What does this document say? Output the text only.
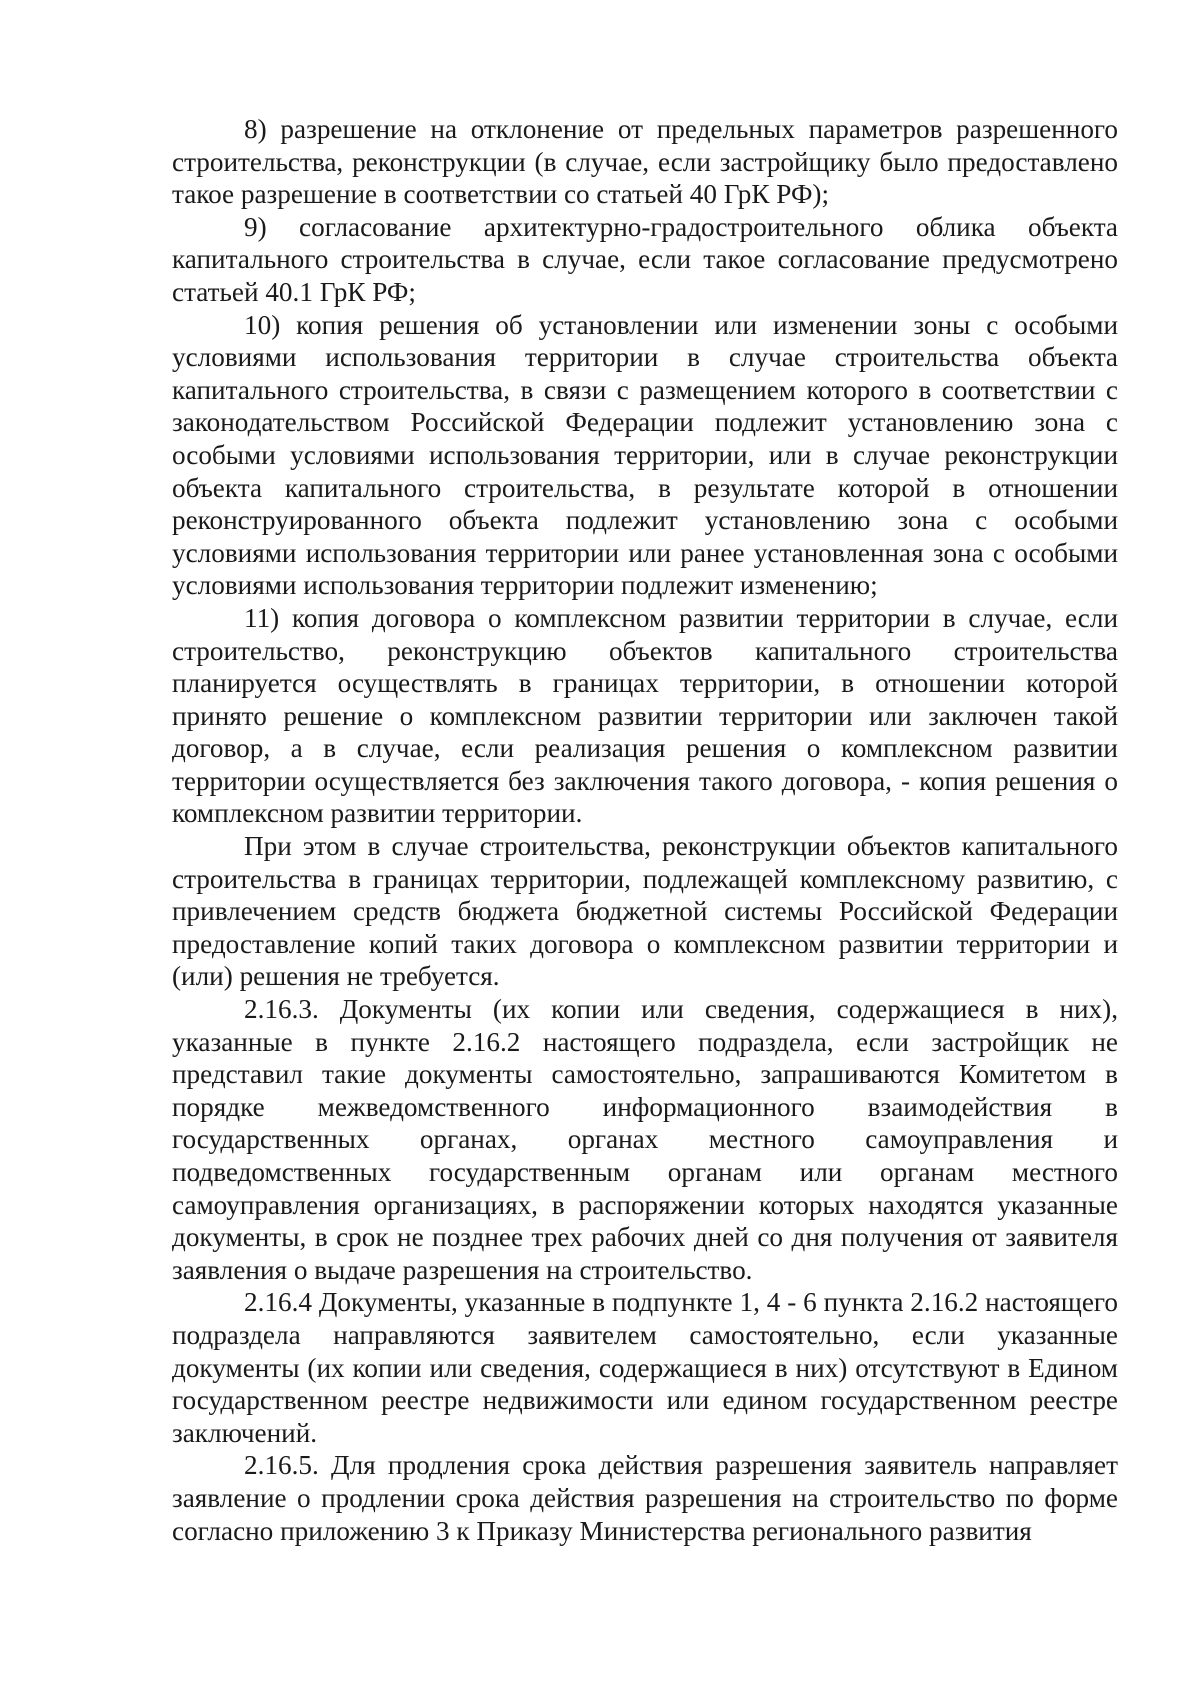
8) разрешение на отклонение от предельных параметров разрешенного строительства, реконструкции (в случае, если застройщику было предоставлено такое разрешение в соответствии со статьей 40 ГрК РФ);

9) согласование архитектурно-градостроительного облика объекта капитального строительства в случае, если такое согласование предусмотрено статьей 40.1 ГрК РФ;

10) копия решения об установлении или изменении зоны с особыми условиями использования территории в случае строительства объекта капитального строительства, в связи с размещением которого в соответствии с законодательством Российской Федерации подлежит установлению зона с особыми условиями использования территории, или в случае реконструкции объекта капитального строительства, в результате которой в отношении реконструированного объекта подлежит установлению зона с особыми условиями использования территории или ранее установленная зона с особыми условиями использования территории подлежит изменению;

11) копия договора о комплексном развитии территории в случае, если строительство, реконструкцию объектов капитального строительства планируется осуществлять в границах территории, в отношении которой принято решение о комплексном развитии территории или заключен такой договор, а в случае, если реализация решения о комплексном развитии территории осуществляется без заключения такого договора, - копия решения о комплексном развитии территории.

При этом в случае строительства, реконструкции объектов капитального строительства в границах территории, подлежащей комплексному развитию, с привлечением средств бюджета бюджетной системы Российской Федерации предоставление копий таких договора о комплексном развитии территории и (или) решения не требуется.

2.16.3. Документы (их копии или сведения, содержащиеся в них), указанные в пункте 2.16.2 настоящего подраздела, если застройщик не представил такие документы самостоятельно, запрашиваются Комитетом в порядке межведомственного информационного взаимодействия в государственных органах, органах местного самоуправления и подведомственных государственным органам или органам местного самоуправления организациях, в распоряжении которых находятся указанные документы, в срок не позднее трех рабочих дней со дня получения от заявителя заявления о выдаче разрешения на строительство.

2.16.4 Документы, указанные в подпункте 1, 4 - 6 пункта 2.16.2 настоящего подраздела направляются заявителем самостоятельно, если указанные документы (их копии или сведения, содержащиеся в них) отсутствуют в Едином государственном реестре недвижимости или едином государственном реестре заключений.

2.16.5. Для продления срока действия разрешения заявитель направляет заявление о продлении срока действия разрешения на строительство по форме согласно приложению 3 к Приказу Министерства регионального развития
